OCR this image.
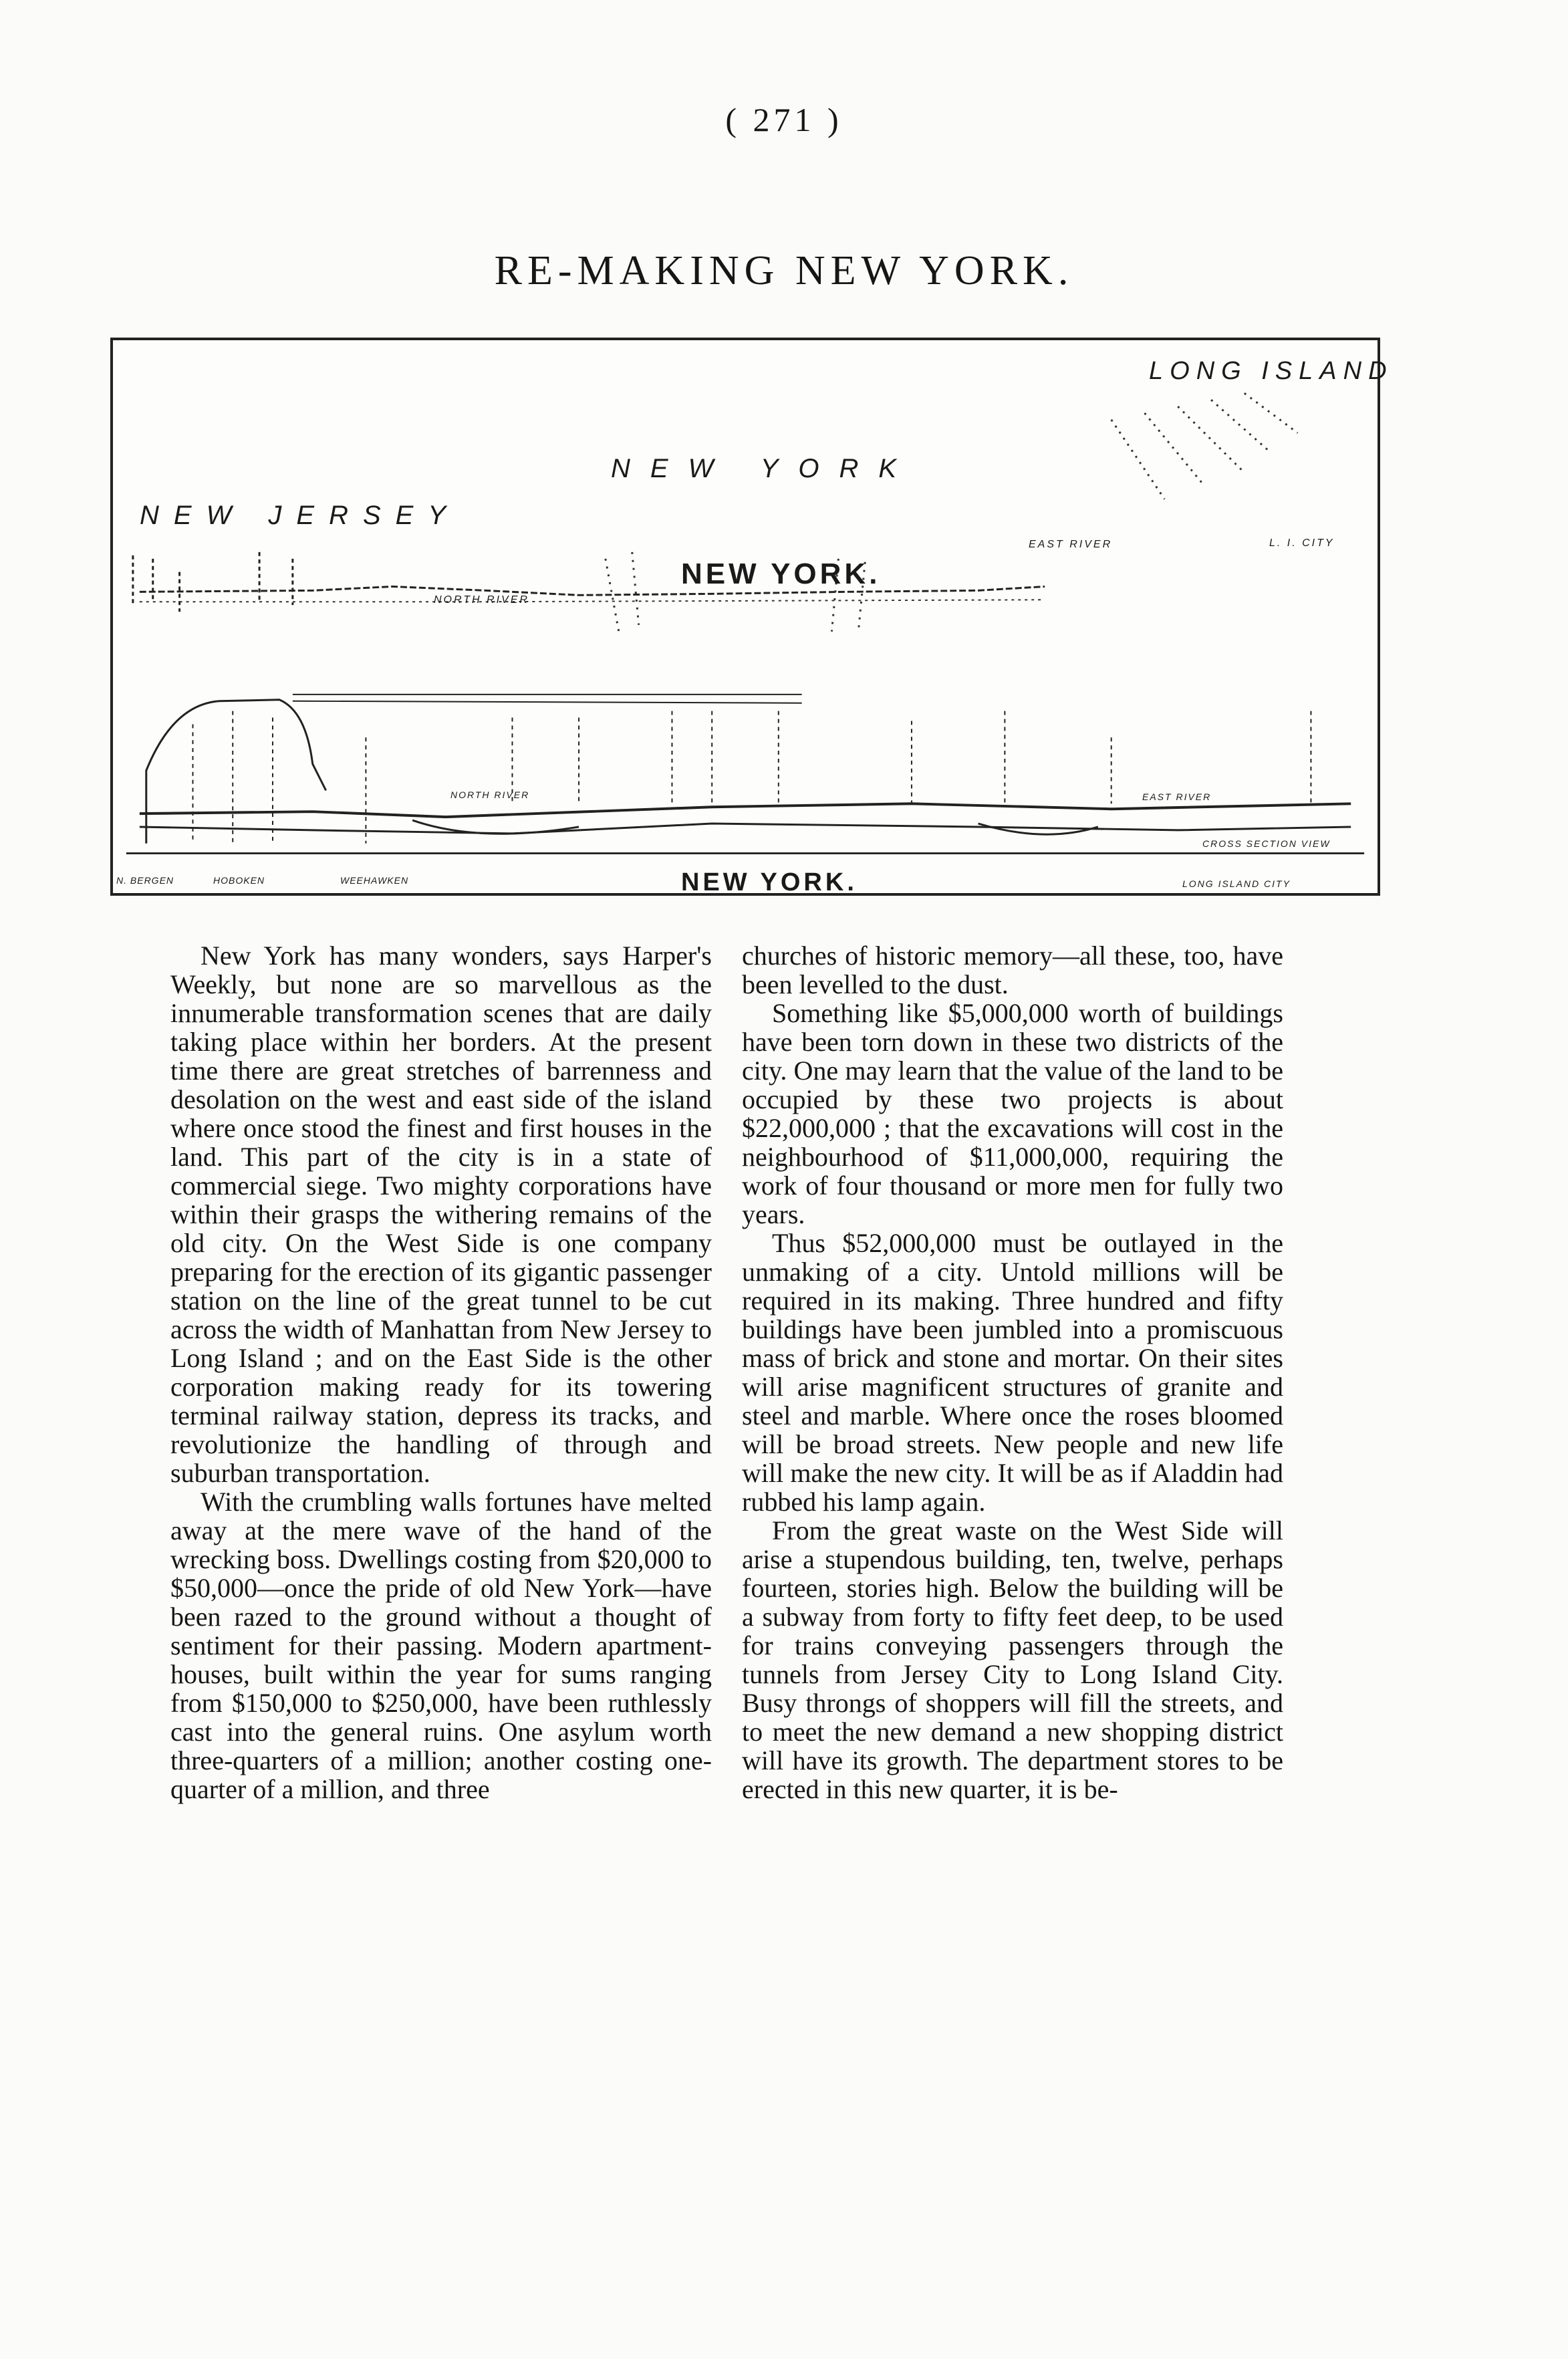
( 271 )
RE-MAKING NEW YORK.
NEW JERSEY
NEW YORK
LONG ISLAND
NEW YORK.
NORTH RIVER
EAST RIVER	L. I. CITY
NORTH RIVER	EAST RIVER
CROSS SECTION VIEW
NEW YORK.
N. BERGEN	HOBOKEN	WEEHAWKEN	LONG ISLAND CITY

New York has many wonders, says Harper's Weekly, but none are so marvellous as the innumerable transformation scenes that are daily taking place within her borders. At the present time there are great stretches of barrenness and desolation on the west and east side of the island where once stood the finest and first houses in the land. This part of the city is in a state of commercial siege. Two mighty corporations have within their grasps the withering remains of the old city. On the West Side is one company preparing for the erection of its gigantic passenger station on the line of the great tunnel to be cut across the width of Manhattan from New Jersey to Long Island ; and on the East Side is the other corporation making ready for its towering terminal railway station, depress its tracks, and revolutionize the handling of through and suburban transportation.

With the crumbling walls fortunes have melted away at the mere wave of the hand of the wrecking boss. Dwellings costing from $20,000 to $50,000—once the pride of old New York—have been razed to the ground without a thought of sentiment for their passing. Modern apartment-houses, built within the year for sums ranging from $150,000 to $250,000, have been ruthlessly cast into the general ruins. One asylum worth three-quarters of a million; another costing one-quarter of a million, and three

churches of historic memory—all these, too, have been levelled to the dust.

Something like $5,000,000 worth of buildings have been torn down in these two districts of the city. One may learn that the value of the land to be occupied by these two projects is about $22,000,000 ; that the excavations will cost in the neighbourhood of $11,000,000, requiring the work of four thousand or more men for fully two years.

Thus $52,000,000 must be outlayed in the unmaking of a city. Untold millions will be required in its making. Three hundred and fifty buildings have been jumbled into a promiscuous mass of brick and stone and mortar. On their sites will arise magnificent structures of granite and steel and marble. Where once the roses bloomed will be broad streets. New people and new life will make the new city. It will be as if Aladdin had rubbed his lamp again.

From the great waste on the West Side will arise a stupendous building, ten, twelve, perhaps fourteen, stories high. Below the building will be a subway from forty to fifty feet deep, to be used for trains conveying passengers through the tunnels from Jersey City to Long Island City. Busy throngs of shoppers will fill the streets, and to meet the new demand a new shopping district will have its growth. The department stores to be erected in this new quarter, it is be-
